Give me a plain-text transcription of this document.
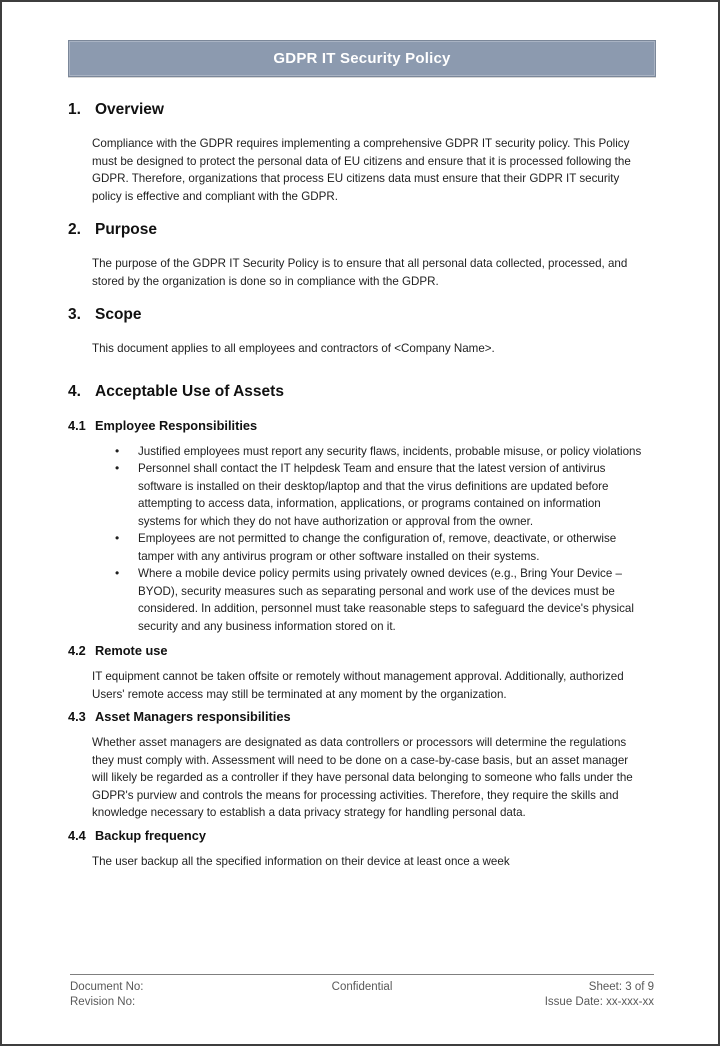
GDPR IT Security Policy
1. Overview
Compliance with the GDPR requires implementing a comprehensive GDPR IT security policy. This Policy must be designed to protect the personal data of EU citizens and ensure that it is processed following the GDPR. Therefore, organizations that process EU citizens data must ensure that their GDPR IT security policy is effective and compliant with the GDPR.
2. Purpose
The purpose of the GDPR IT Security Policy is to ensure that all personal data collected, processed, and stored by the organization is done so in compliance with the GDPR.
3. Scope
This document applies to all employees and contractors of <Company Name>.
4. Acceptable Use of Assets
4.1 Employee Responsibilities
• Justified employees must report any security flaws, incidents, probable misuse, or policy violations
• Personnel shall contact the IT helpdesk Team and ensure that the latest version of antivirus software is installed on their desktop/laptop and that the virus definitions are updated before attempting to access data, information, applications, or programs contained on information systems for which they do not have authorization or approval from the owner.
• Employees are not permitted to change the configuration of, remove, deactivate, or otherwise tamper with any antivirus program or other software installed on their systems.
• Where a mobile device policy permits using privately owned devices (e.g., Bring Your Device – BYOD), security measures such as separating personal and work use of the devices must be considered. In addition, personnel must take reasonable steps to safeguard the device's physical security and any business information stored on it.
4.2 Remote use
IT equipment cannot be taken offsite or remotely without management approval. Additionally, authorized Users' remote access may still be terminated at any moment by the organization.
4.3 Asset Managers responsibilities
Whether asset managers are designated as data controllers or processors will determine the regulations they must comply with. Assessment will need to be done on a case-by-case basis, but an asset manager will likely be regarded as a controller if they have personal data belonging to someone who falls under the GDPR's purview and controls the means for processing activities. Therefore, they require the skills and knowledge necessary to establish a data privacy strategy for handling personal data.
4.4 Backup frequency
The user backup all the specified information on their device at least once a week
Document No:
Revision No:
Confidential	Sheet: 3 of 9
Issue Date: xx-xxx-xx
